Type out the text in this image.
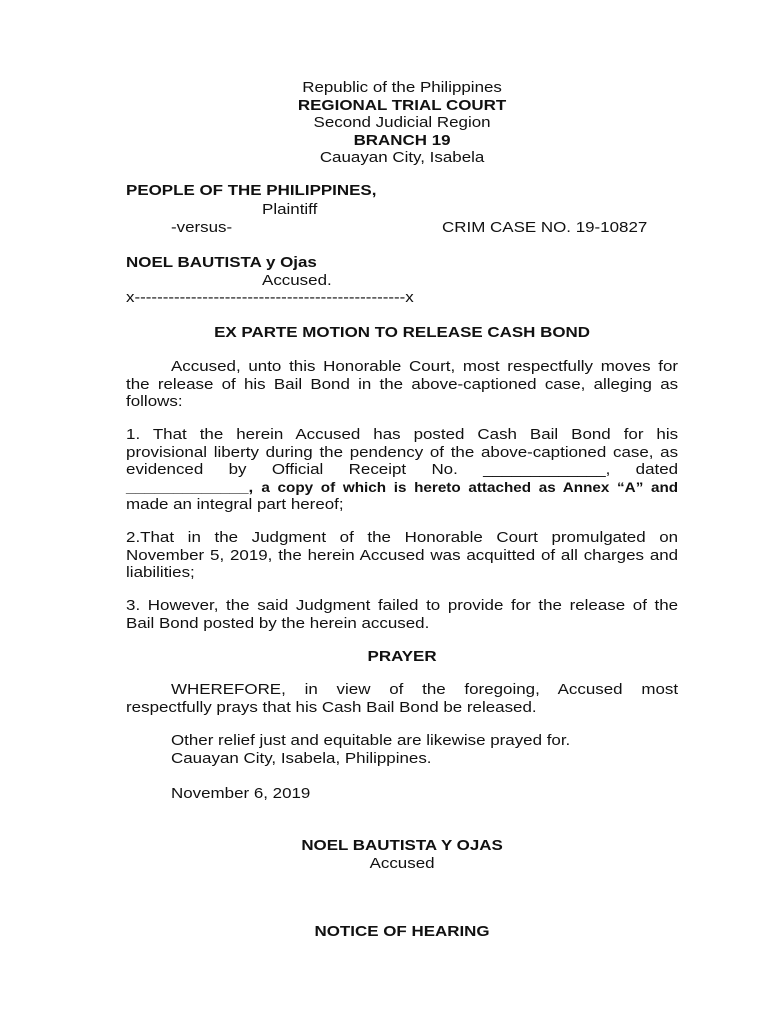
Republic of the Philippines
REGIONAL TRIAL COURT
Second Judicial Region
BRANCH 19
Cauayan City, Isabela
PEOPLE OF THE PHILIPPINES,
Plaintiff
-versus-	CRIM CASE NO. 19-10827
NOEL BAUTISTA y Ojas
Accused.
x------------------------------------------------x
EX PARTE MOTION TO RELEASE CASH BOND
Accused, unto this Honorable Court, most respectfully moves for
the release of his Bail Bond in the above-captioned case, alleging as
follows:
1. That the herein Accused has posted Cash Bail Bond for his
provisional liberty during the pendency of the above-captioned case, as
evidenced by Official Receipt No. _____________, dated
_____________, a copy of which is hereto attached as Annex “A” and
made an integral part hereof;
2.That in the Judgment of the Honorable Court promulgated on
November 5, 2019, the herein Accused was acquitted of all charges and
liabilities;
3. However, the said Judgment failed to provide for the release of the
Bail Bond posted by the herein accused.
PRAYER
WHEREFORE, in view of the foregoing, Accused most
respectfully prays that his Cash Bail Bond be released.
Other relief just and equitable are likewise prayed for.
Cauayan City, Isabela, Philippines.
November 6, 2019
NOEL BAUTISTA Y OJAS
Accused
NOTICE OF HEARING
